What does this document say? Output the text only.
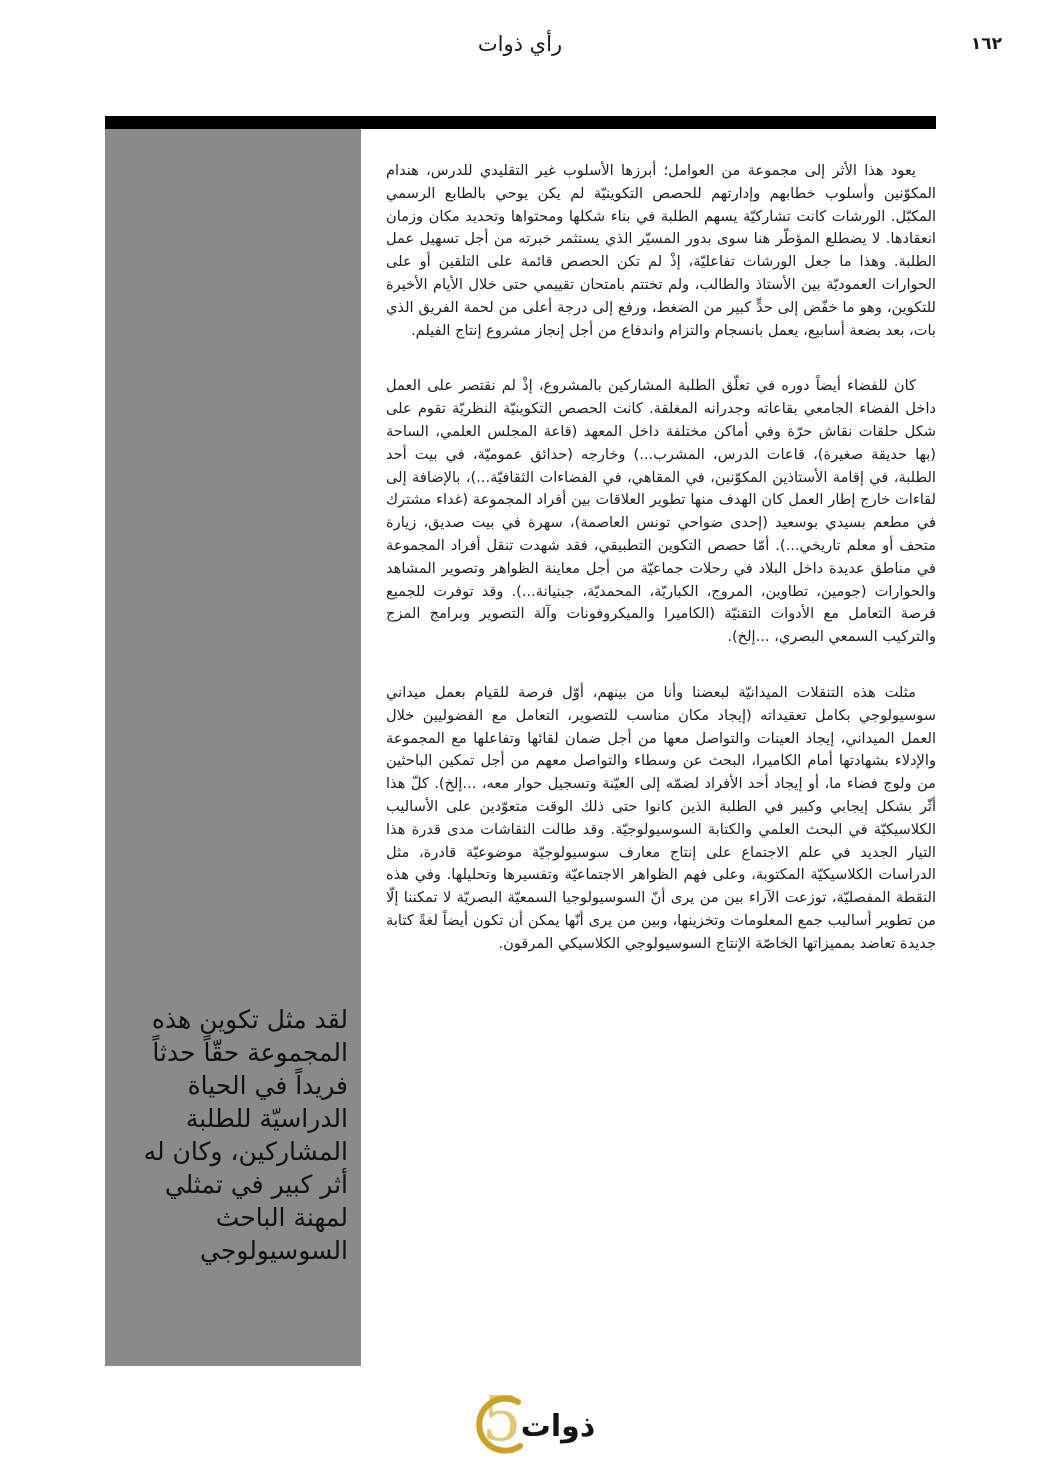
١٦٢
رأي ذوات
لقد مثل تكوين هذه المجموعة حقّاً حدثاً فريداً في الحياة الدراسيّة للطلبة المشاركين، وكان له أثر كبير في تمثلي لمهنة الباحث السوسيولوجي

يعود هذا الأثر إلى مجموعة من العوامل؛ أبرزها الأسلوب غير التقليدي للدرس، هندام المكوّنين وأسلوب خطابهم وإدارتهم للحصص التكوينيّة لم يكن يوحي بالطابع الرسمي المكبّل. الورشات كانت تشاركيّة يسهم الطلبة في بناء شكلها ومحتواها وتحديد مكان وزمان انعقادها. لا يضطلع المؤطّر هنا سوى بدور المسيّر الذي يستثمر خبرته من أجل تسهيل عمل الطلبة. وهذا ما جعل الورشات تفاعليّة، إذْ لم تكن الحصص قائمة على التلقين أو على الحوارات العموديّة بين الأستاذ والطالب، ولم تختتم بامتحان تقييمي حتى خلال الأيام الأخيرة للتكوين، وهو ما خفّض إلى حدٍّ كبير من الضغط، ورفع إلى درجة أعلى من لحمة الفريق الذي بات، بعد بضعة أسابيع، يعمل بانسجام والتزام واندفاع من أجل إنجاز مشروع إنتاج الفيلم.

كان للفضاء أيضاً دوره في تعلّق الطلبة المشاركين بالمشروع، إذْ لم نقتصر على العمل داخل الفضاء الجامعي بقاعاته وجدرانه المغلقة. كانت الحصص التكوينيّة النظريّة تقوم على شكل حلقات نقاش حرّة وفي أماكن مختلفة داخل المعهد (قاعة المجلس العلمي، الساحة (بها حديقة صغيرة)، قاعات الدرس، المشرب...) وخارجه (حدائق عموميّة، في بيت أحد الطلبة، في إقامة الأستاذين المكوّنين، في المقاهي، في الفضاءات الثقافيّة...)، بالإضافة إلى لقاءات خارج إطار العمل كان الهدف منها تطوير العلاقات بين أفراد المجموعة (غداء مشترك في مطعم بسيدي بوسعيد (إحدى ضواحي تونس العاصمة)، سهرة في بيت صديق، زيارة متحف أو معلم تاريخي...). أمّا حصص التكوين التطبيقي، فقد شهدت تنقل أفراد المجموعة في مناطق عديدة داخل البلاد في رحلات جماعيّة من أجل معاينة الظواهر وتصوير المشاهد والحوارات (جومين، تطاوين، المروج، الكباريّة، المحمديّة، جبنيانة...). وقد توفرت للجميع فرصة التعامل مع الأدوات التقنيّة (الكاميرا والميكروفونات وآلة التصوير وبرامج المزج والتركيب السمعي البصري، ...إلخ).

مثلت هذه التنقلات الميدانيّة لبعضنا وأنا من بينهم، أوّل فرصة للقيام بعمل ميداني سوسيولوجي بكامل تعقيداته (إيجاد مكان مناسب للتصوير، التعامل مع الفضوليين خلال العمل الميداني، إيجاد العينات والتواصل معها من أجل ضمان لقائها وتفاعلها مع المجموعة والإدلاء بشهادتها أمام الكاميرا، البحث عن وسطاء والتواصل معهم من أجل تمكين الباحثين من ولوج فضاء ما، أو إيجاد أحد الأفراد لضمّه إلى العيّنة وتسجيل حوار معه، ...إلخ). كلّ هذا أثّر بشكل إيجابي وكبير في الطلبة الذين كانوا حتى ذلك الوقت متعوّدين على الأساليب الكلاسيكيّة في البحث العلمي والكتابة السوسيولوجيّة. وقد طالت النقاشات مدى قدرة هذا التيار الجديد في علم الاجتماع على إنتاج معارف سوسيولوجيّة موضوعيّة قادرة، مثل الدراسات الكلاسيكيّة المكتوبة، وعلى فهم الظواهر الاجتماعيّة وتفسيرها وتحليلها. وفي هذه النقطة المفصليّة، توزعت الآراء بين من يرى أنّ السوسيولوجيا السمعيّة البصريّة لا تمكننا إلّا من تطوير أساليب جمع المعلومات وتخزينها، وبين من يرى أنّها يمكن أن تكون أيضاً لغةً كتابة جديدة تعاضد بمميزاتها الخاصّة الإنتاج السوسيولوجي الكلاسيكي المرقون.

5 ذوات
